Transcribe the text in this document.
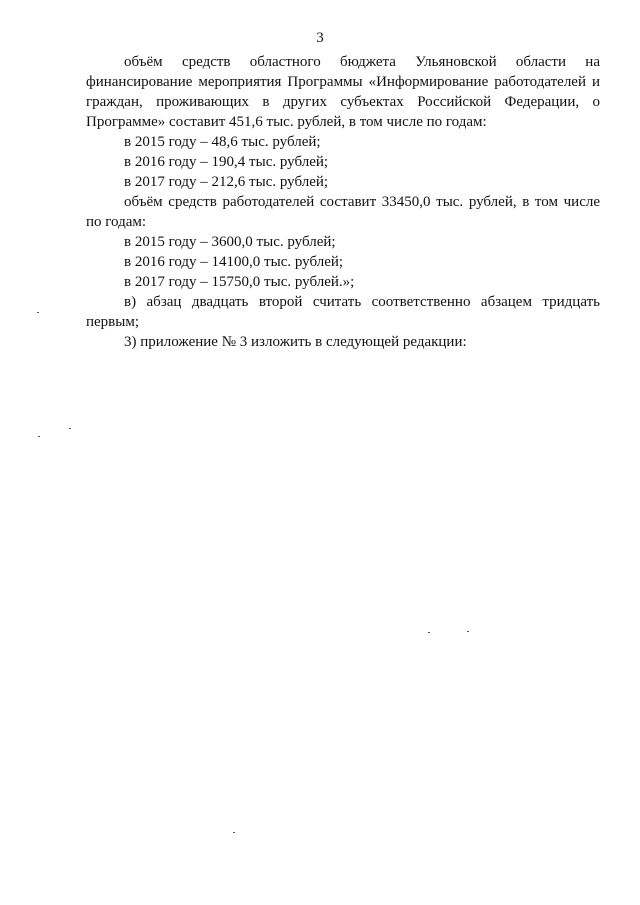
3

объём средств областного бюджета Ульяновской области на финансирование мероприятия Программы «Информирование работодателей и граждан, проживающих в других субъектах Российской Федерации, о Программе» составит 451,6 тыс. рублей, в том числе по годам:

в 2015 году – 48,6 тыс. рублей;

в 2016 году – 190,4 тыс. рублей;

в 2017 году – 212,6 тыс. рублей;

объём средств работодателей составит 33450,0 тыс. рублей, в том числе по годам:

в 2015 году – 3600,0 тыс. рублей;

в 2016 году – 14100,0 тыс. рублей;

в 2017 году – 15750,0 тыс. рублей.»;

в) абзац двадцать второй считать соответственно абзацем тридцать первым;

3) приложение № 3 изложить в следующей редакции:
